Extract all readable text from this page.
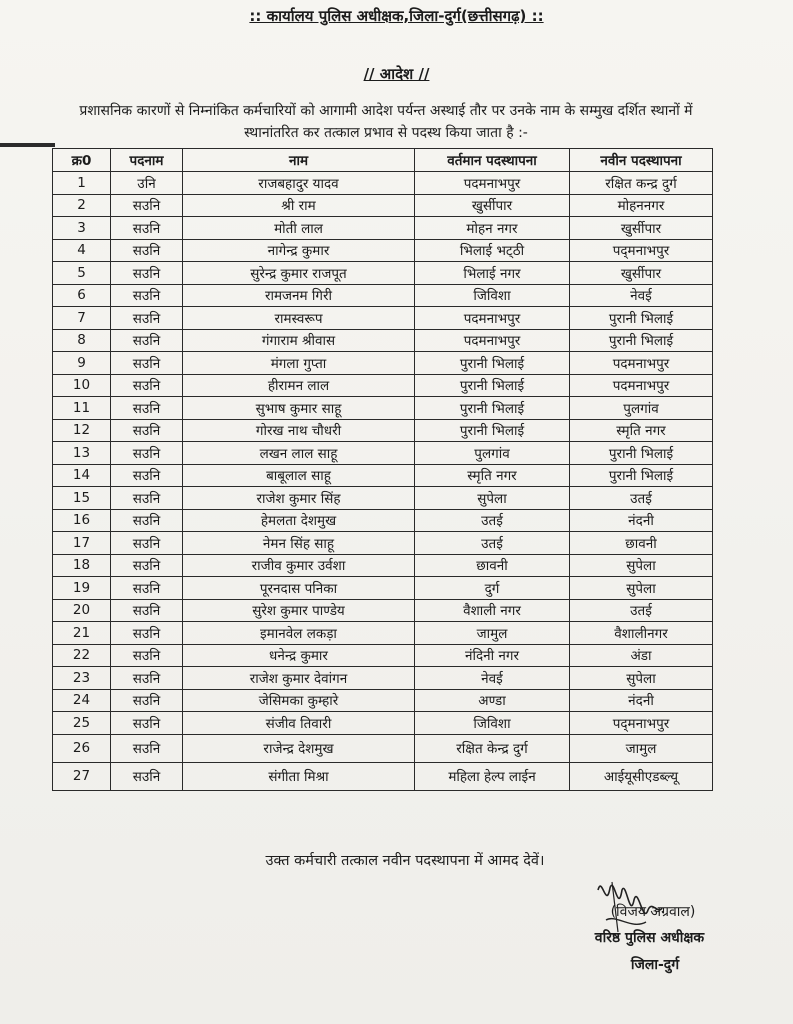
:: कार्यालय पुलिस अधीक्षक,जिला-दुर्ग(छत्तीसगढ़) ::
// आदेश //
प्रशासनिक कारणों से निम्नांकित कर्मचारियों को आगामी आदेश पर्यन्त अस्थाई तौर पर उनके नाम के सम्मुख दर्शित स्थानों में स्थानांतरित कर तत्काल प्रभाव से पदस्थ किया जाता है :-
क्र0	पदनाम	नाम	वर्तमान पदस्थापना	नवीन पदस्थापना
1	उनि	राजबहादुर यादव	पदमनाभपुर	रक्षित कन्द्र दुर्ग
2	सउनि	श्री राम	खुर्सीपार	मोहननगर
3	सउनि	मोती लाल	मोहन नगर	खुर्सीपार
4	सउनि	नागेन्द्र कुमार	भिलाई भट्‌ठी	पद्‌मनाभपुर
5	सउनि	सुरेन्द्र कुमार राजपूत	भिलाई नगर	खुर्सीपार
6	सउनि	रामजनम गिरी	जिविशा	नेवई
7	सउनि	रामस्वरूप	पदमनाभपुर	पुरानी भिलाई
8	सउनि	गंगाराम श्रीवास	पदमनाभपुर	पुरानी भिलाई
9	सउनि	मंगला गुप्ता	पुरानी भिलाई	पदमनाभपुर
10	सउनि	हीरामन लाल	पुरानी भिलाई	पदमनाभपुर
11	सउनि	सुभाष कुमार साहू	पुरानी भिलाई	पुलगांव
12	सउनि	गोरख नाथ चौधरी	पुरानी भिलाई	स्मृति नगर
13	सउनि	लखन लाल साहू	पुलगांव	पुरानी भिलाई
14	सउनि	बाबूलाल साहू	स्मृति नगर	पुरानी भिलाई
15	सउनि	राजेश कुमार सिंह	सुपेला	उतई
16	सउनि	हेमलता देशमुख	उतई	नंदनी
17	सउनि	नेमन सिंह साहू	उतई	छावनी
18	सउनि	राजीव कुमार उर्वशा	छावनी	सुपेला
19	सउनि	पूरनदास पनिका	दुर्ग	सुपेला
20	सउनि	सुरेश कुमार पाण्डेय	वैशाली नगर	उतई
21	सउनि	इमानवेल लकड़ा	जामुल	वैशालीनगर
22	सउनि	धनेन्द्र कुमार	नंदिनी नगर	अंडा
23	सउनि	राजेश कुमार देवांगन	नेवई	सुपेला
24	सउनि	जेसिमका कुम्हारे	अण्डा	नंदनी
25	सउनि	संजीव तिवारी	जिविशा	पद्‌मनाभपुर
26	सउनि	राजेन्द्र देशमुख	रक्षित केन्द्र दुर्ग	जामुल
27	सउनि	संगीता मिश्रा	महिला हेल्प लाईन	आईयूसीएडब्ल्यू
उक्त कर्मचारी तत्काल नवीन पदस्थापना में आमद देवें।
(विजय अग्रवाल)
वरिष्ठ पुलिस अधीक्षक
जिला-दुर्ग
